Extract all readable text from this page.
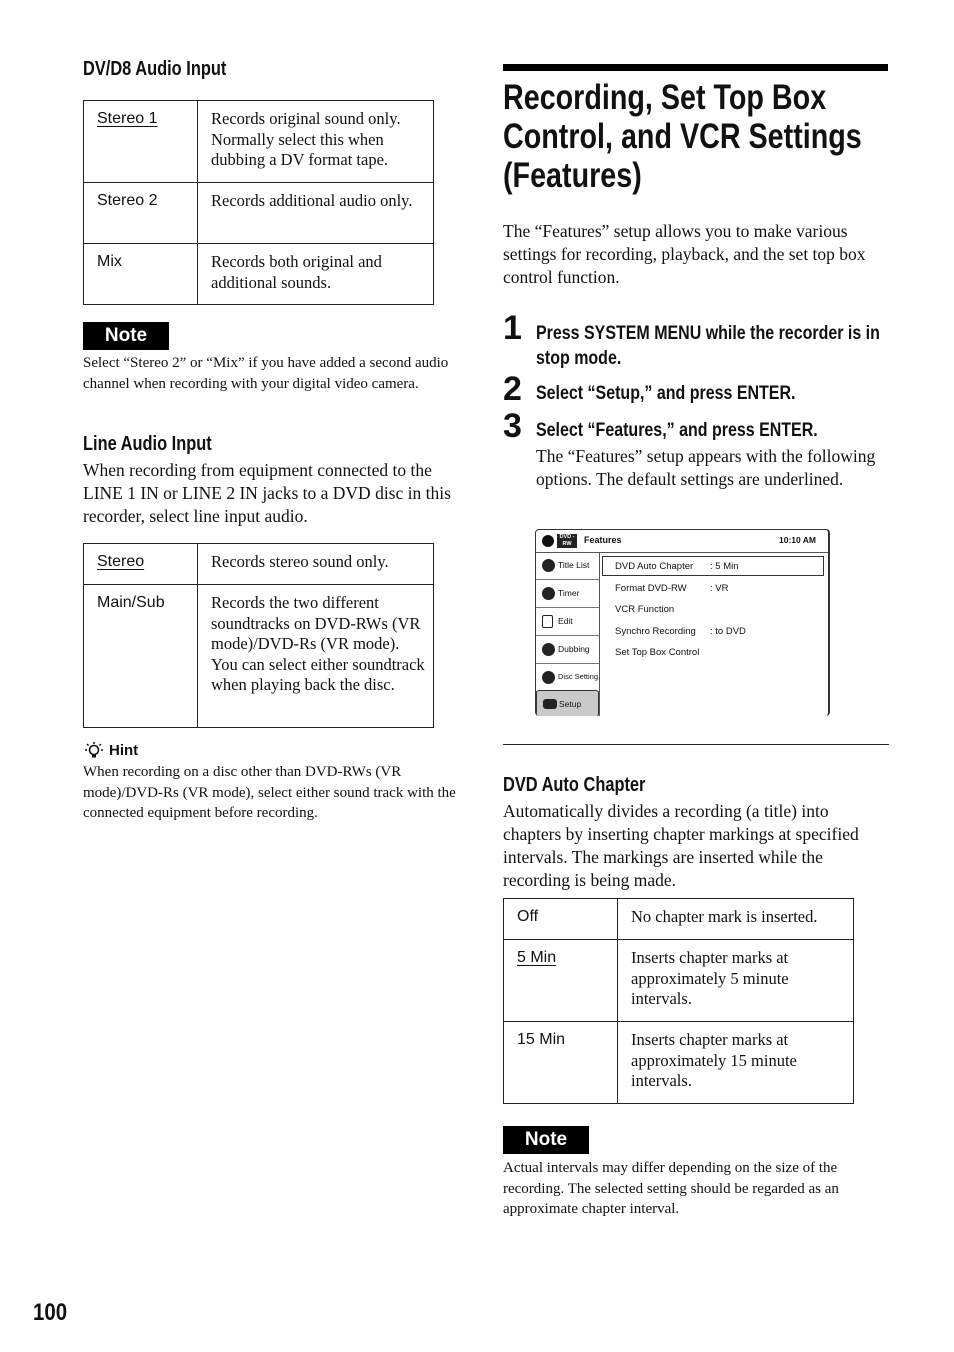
DV/D8 Audio Input
Stereo 1	Records original sound only. Normally select this when dubbing a DV format tape.
Stereo 2	Records additional audio only.
Mix	Records both original and additional sounds.
Note
Select “Stereo 2” or “Mix” if you have added a second audio channel when recording with your digital video camera.
Line Audio Input
When recording from equipment connected to the LINE 1 IN or LINE 2 IN jacks to a DVD disc in this recorder, select line input audio.
Stereo	Records stereo sound only.
Main/Sub	Records the two different soundtracks on DVD-RWs (VR mode)/DVD-Rs (VR mode). You can select either soundtrack when playing back the disc.
Hint
When recording on a disc other than DVD-RWs (VR mode)/DVD-Rs (VR mode), select either sound track with the connected equipment before recording.
Recording, Set Top Box Control, and VCR Settings (Features)
The “Features” setup allows you to make various settings for recording, playback, and the set top box control function.
1 Press SYSTEM MENU while the recorder is in stop mode.
2 Select “Setup,” and press ENTER.
3 Select “Features,” and press ENTER.
The “Features” setup appears with the following options. The default settings are underlined.
DVD -RW	Features	10:10 AM
Title List
Timer
Edit
Dubbing
Disc Setting
Setup
DVD Auto Chapter : 5 Min
Format DVD-RW : VR
VCR Function
Synchro Recording : to DVD
Set Top Box Control
DVD Auto Chapter
Automatically divides a recording (a title) into chapters by inserting chapter markings at specified intervals. The markings are inserted while the recording is being made.
Off	No chapter mark is inserted.
5 Min	Inserts chapter marks at approximately 5 minute intervals.
15 Min	Inserts chapter marks at approximately 15 minute intervals.
Note
Actual intervals may differ depending on the size of the recording. The selected setting should be regarded as an approximate chapter interval.
100
